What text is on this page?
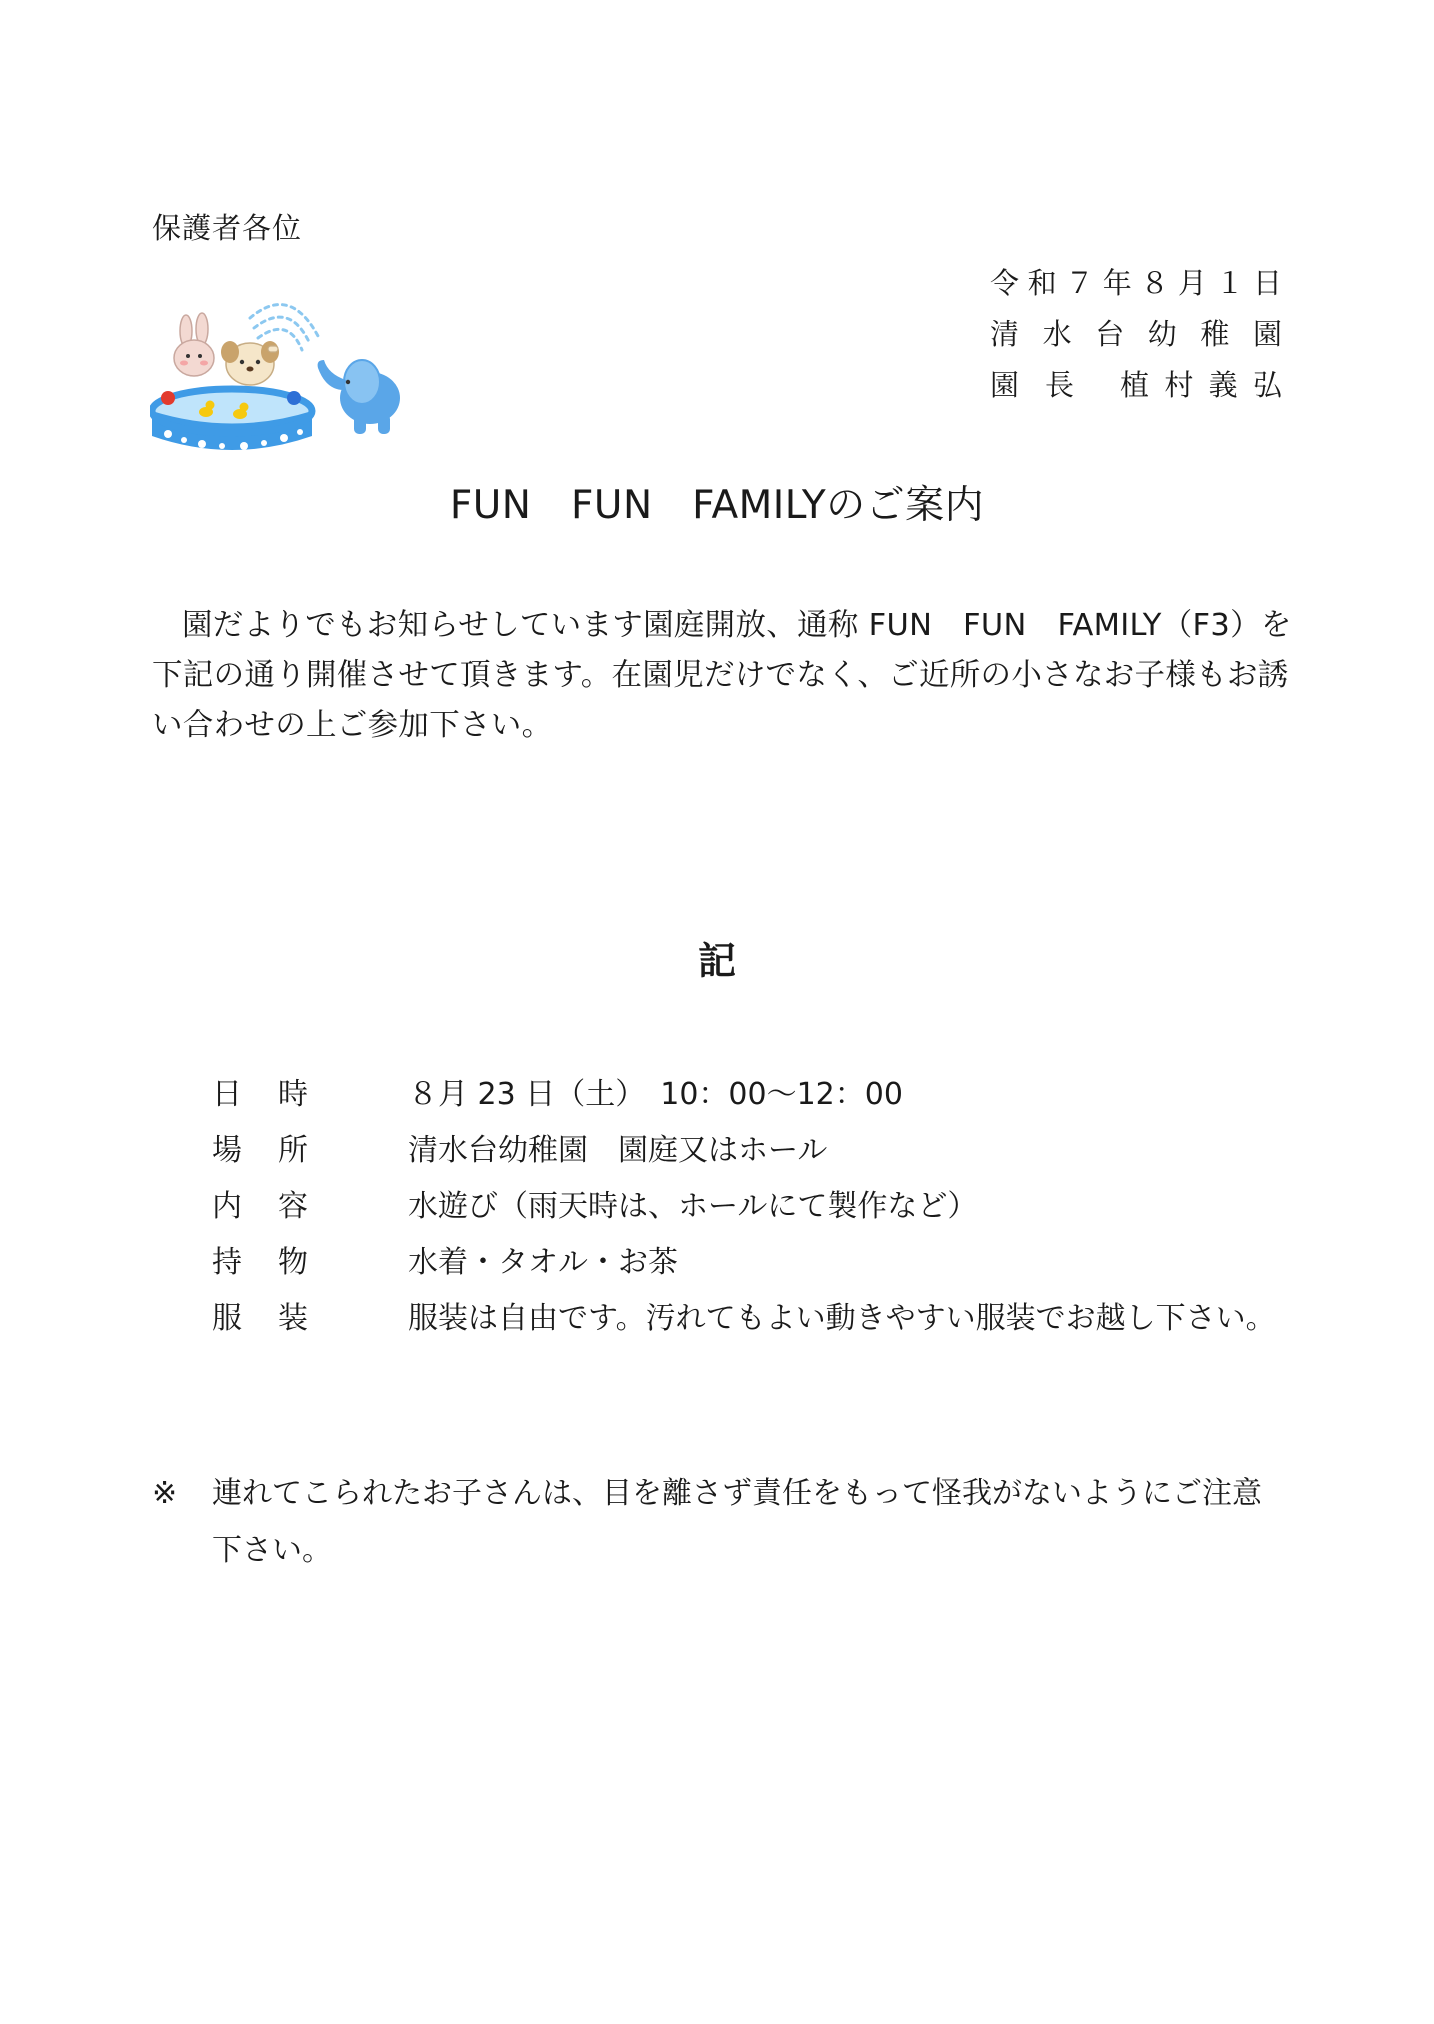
保護者各位
令 和 ７ 年 ８ 月 １ 日
清 水 台 幼 稚 園
園 長 植 村 義 弘
FUN　FUN　FAMILYのご案内

園だよりでもお知らせしています園庭開放、通称 FUN　FUN　FAMILY（F3）を下記の通り開催させて頂きます。在園児だけでなく、ご近所の小さなお子様もお誘い合わせの上ご参加下さい。

記
日 時	８月 23 日（土）　10：00～12：00
場 所	清水台幼稚園　園庭又はホール
内 容	水遊び（雨天時は、ホールにて製作など）
持 物	水着・タオル・お茶
服 装	服装は自由です。汚れてもよい動きやすい服装でお越し下さい。
※ 連れてこられたお子さんは、目を離さず責任をもって怪我がないようにご注意
下さい。
